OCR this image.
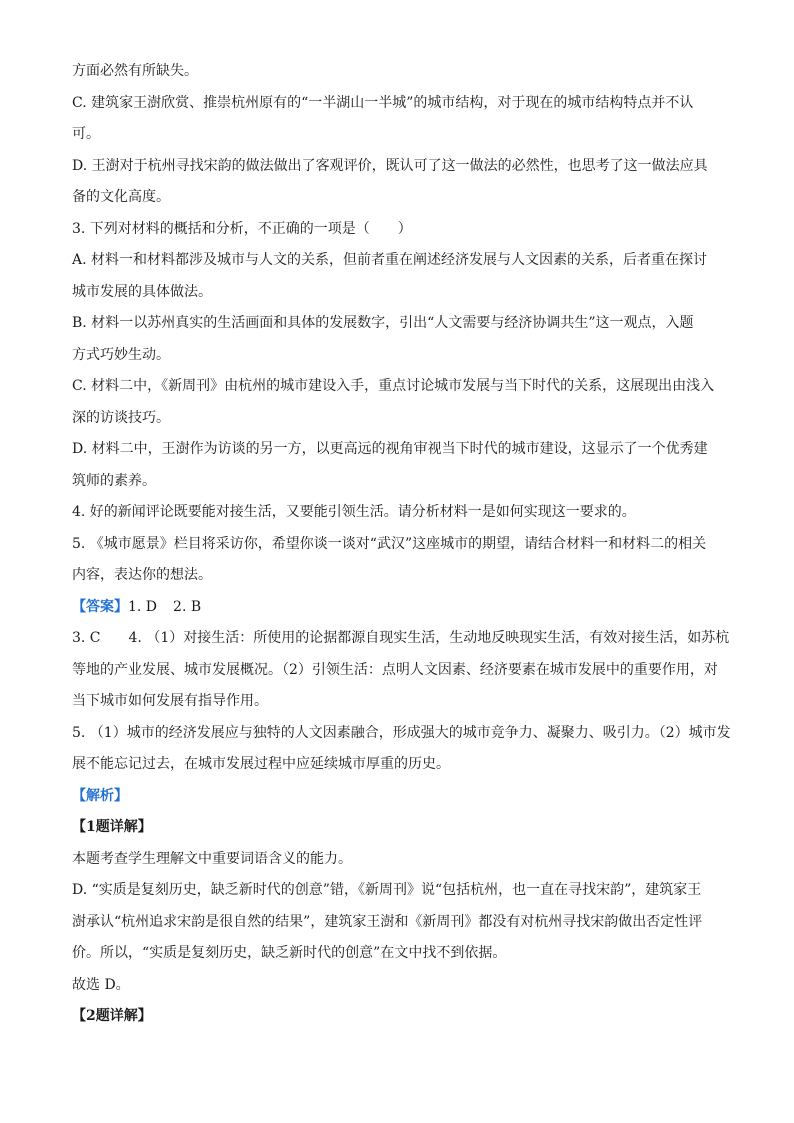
方面必然有所缺失。

C. 建筑家王澍欣赏、推崇杭州原有的“一半湖山一半城”的城市结构，对于现在的城市结构特点并不认

可。

D. 王澍对于杭州寻找宋韵的做法做出了客观评价，既认可了这一做法的必然性，也思考了这一做法应具

备的文化高度。

3. 下列对材料的概括和分析，不正确的一项是（　　）

A. 材料一和材料都涉及城市与人文的关系，但前者重在阐述经济发展与人文因素的关系，后者重在探讨

城市发展的具体做法。

B. 材料一以苏州真实的生活画面和具体的发展数字，引出“人文需要与经济协调共生”这一观点，入题

方式巧妙生动。

C. 材料二中，《新周刊》由杭州的城市建设入手，重点讨论城市发展与当下时代的关系，这展现出由浅入

深的访谈技巧。

D. 材料二中，王澍作为访谈的另一方，以更高远的视角审视当下时代的城市建设，这显示了一个优秀建

筑师的素养。

4. 好的新闻评论既要能对接生活，又要能引领生活。请分析材料一是如何实现这一要求的。

5. 《城市愿景》栏目将采访你，希望你谈一谈对“武汉”这座城市的期望，请结合材料一和材料二的相关

内容，表达你的想法。

【答案】1. D 2. B

3. C　　4. （1）对接生活：所使用的论据都源自现实生活，生动地反映现实生活，有效对接生活，如苏杭

等地的产业发展、城市发展概况。（2）引领生活：点明人文因素、经济要素在城市发展中的重要作用，对

当下城市如何发展有指导作用。

5. （1）城市的经济发展应与独特的人文因素融合，形成强大的城市竞争力、凝聚力、吸引力。（2）城市发

展不能忘记过去，在城市发展过程中应延续城市厚重的历史。

【解析】

【1题详解】

本题考查学生理解文中重要词语含义的能力。

D. “实质是复刻历史，缺乏新时代的创意”错，《新周刊》说“包括杭州，也一直在寻找宋韵”，建筑家王

澍承认“杭州追求宋韵是很自然的结果”，建筑家王澍和《新周刊》都没有对杭州寻找宋韵做出否定性评

价。所以，“实质是复刻历史，缺乏新时代的创意”在文中找不到依据。

故选 D。

【2题详解】
